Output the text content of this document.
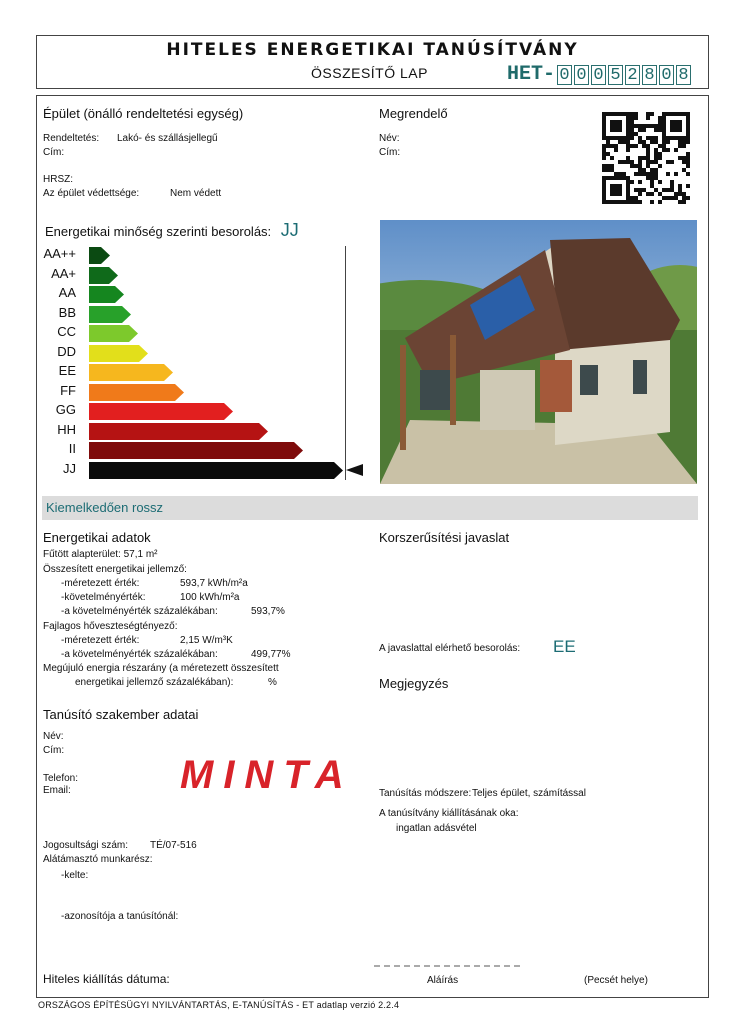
HITELES ENERGETIKAI TANÚSÍTVÁNY
ÖSSZESÍTŐ LAP	HET- 0 0 0 5 2 8 0 8
Épület (önálló rendeltetési egység)
Rendeltetés: Lakó- és szállásjellegű
Cím:
HRSZ:
Az épület védettsége:	Nem védett
Megrendelő
Név:
Cím:
Energetikai minőség szerinti besorolás: JJ
AA++
AA+
AA
BB
CC
DD
EE
FF
GG
HH
II
JJ
Kiemelkedően rossz
Energetikai adatok
Fűtött alapterület: 57,1 m²
Összesített energetikai jellemző:
-méretezett érték:	593,7 kWh/m²a
-követelményérték:	100 kWh/m²a
-a követelményérték százalékában:	593,7%
Fajlagos hőveszteségtényező:
-méretezett érték:	2,15 W/m³K
-a követelményérték százalékában:	499,77%
Megújuló energia részarány (a méretezett összesített
energetikai jellemző százalékában):	%
Korszerűsítési javaslat
A javaslattal elérhető besorolás: EE
Megjegyzés
Tanúsító szakember adatai
Név:
Cím:
Telefon:
Email:	MINTA
Jogosultsági szám: TÉ/07-516
Alátámasztó munkarész:
-kelte:
-azonosítója a tanúsítónál:
Tanúsítás módszere: Teljes épület, számítással
A tanúsítvány kiállításának oka:
ingatlan adásvétel
Hiteles kiállítás dátuma:	Aláírás	(Pecsét helye)
ORSZÁGOS ÉPÍTÉSÜGYI NYILVÁNTARTÁS, E-TANÚSÍTÁS - ET adatlap verzió 2.2.4
